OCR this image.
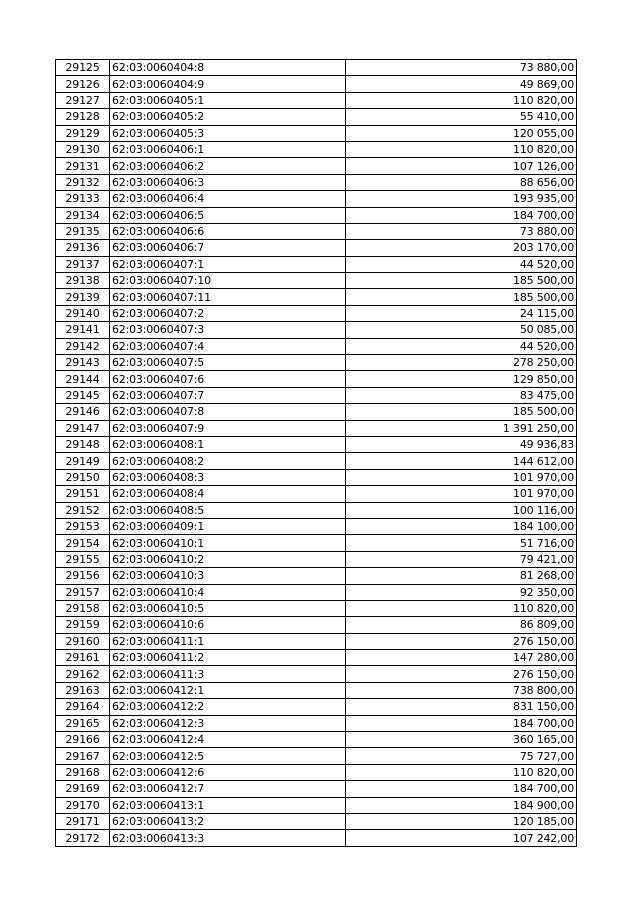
29125	62:03:0060404:8	73 880,00
29126	62:03:0060404:9	49 869,00
29127	62:03:0060405:1	110 820,00
29128	62:03:0060405:2	55 410,00
29129	62:03:0060405:3	120 055,00
29130	62:03:0060406:1	110 820,00
29131	62:03:0060406:2	107 126,00
29132	62:03:0060406:3	88 656,00
29133	62:03:0060406:4	193 935,00
29134	62:03:0060406:5	184 700,00
29135	62:03:0060406:6	73 880,00
29136	62:03:0060406:7	203 170,00
29137	62:03:0060407:1	44 520,00
29138	62:03:0060407:10	185 500,00
29139	62:03:0060407:11	185 500,00
29140	62:03:0060407:2	24 115,00
29141	62:03:0060407:3	50 085,00
29142	62:03:0060407:4	44 520,00
29143	62:03:0060407:5	278 250,00
29144	62:03:0060407:6	129 850,00
29145	62:03:0060407:7	83 475,00
29146	62:03:0060407:8	185 500,00
29147	62:03:0060407:9	1 391 250,00
29148	62:03:0060408:1	49 936,83
29149	62:03:0060408:2	144 612,00
29150	62:03:0060408:3	101 970,00
29151	62:03:0060408:4	101 970,00
29152	62:03:0060408:5	100 116,00
29153	62:03:0060409:1	184 100,00
29154	62:03:0060410:1	51 716,00
29155	62:03:0060410:2	79 421,00
29156	62:03:0060410:3	81 268,00
29157	62:03:0060410:4	92 350,00
29158	62:03:0060410:5	110 820,00
29159	62:03:0060410:6	86 809,00
29160	62:03:0060411:1	276 150,00
29161	62:03:0060411:2	147 280,00
29162	62:03:0060411:3	276 150,00
29163	62:03:0060412:1	738 800,00
29164	62:03:0060412:2	831 150,00
29165	62:03:0060412:3	184 700,00
29166	62:03:0060412:4	360 165,00
29167	62:03:0060412:5	75 727,00
29168	62:03:0060412:6	110 820,00
29169	62:03:0060412:7	184 700,00
29170	62:03:0060413:1	184 900,00
29171	62:03:0060413:2	120 185,00
29172	62:03:0060413:3	107 242,00
